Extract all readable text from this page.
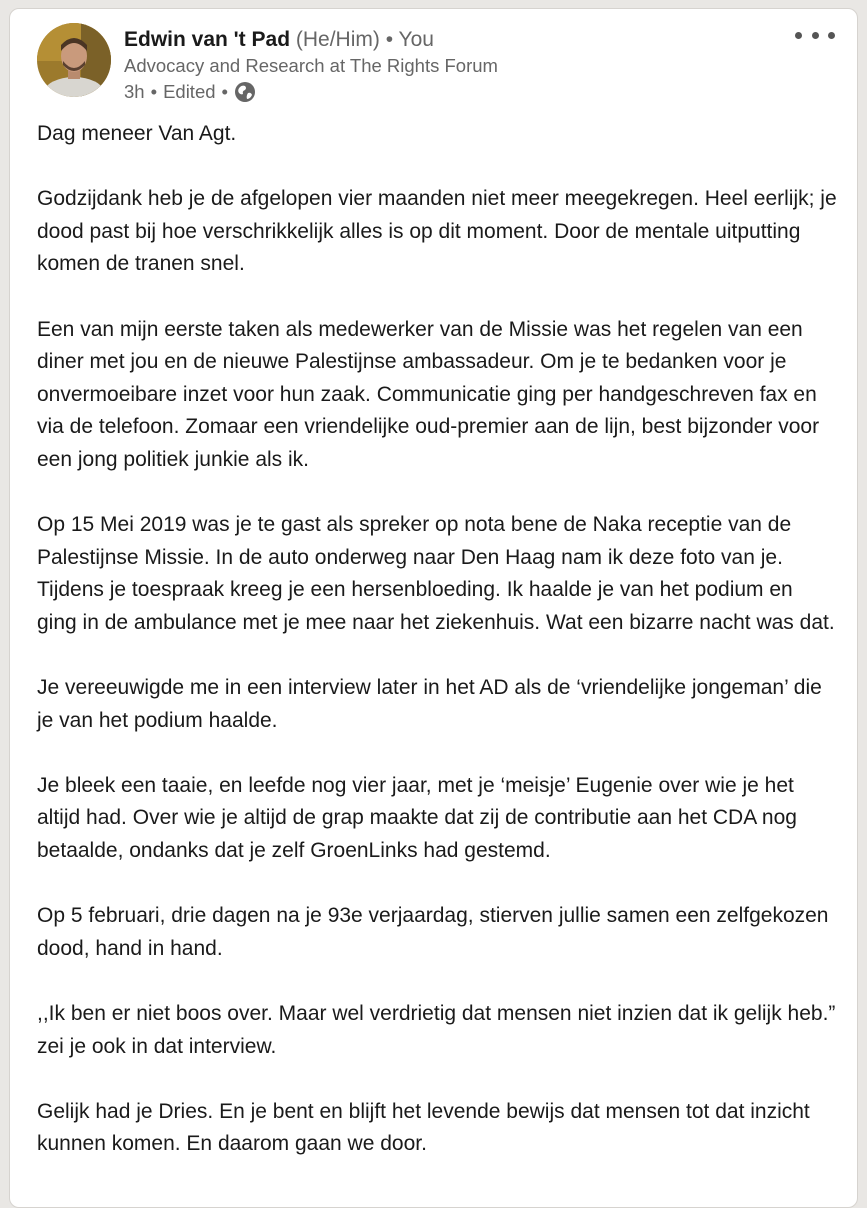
Edwin van 't Pad (He/Him) • You
Advocacy and Research at The Rights Forum
3h • Edited •

Dag meneer Van Agt.

Godzijdank heb je de afgelopen vier maanden niet meer meegekregen. Heel eerlijk; je dood past bij hoe verschrikkelijk alles is op dit moment. Door de mentale uitputting komen de tranen snel.

Een van mijn eerste taken als medewerker van de Missie was het regelen van een diner met jou en de nieuwe Palestijnse ambassadeur. Om je te bedanken voor je onvermoeibare inzet voor hun zaak. Communicatie ging per handgeschreven fax en via de telefoon. Zomaar een vriendelijke oud-premier aan de lijn, best bijzonder voor een jong politiek junkie als ik.

Op 15 Mei 2019 was je te gast als spreker op nota bene de Naka receptie van de Palestijnse Missie. In de auto onderweg naar Den Haag nam ik deze foto van je. Tijdens je toespraak kreeg je een hersenbloeding. Ik haalde je van het podium en ging in de ambulance met je mee naar het ziekenhuis. Wat een bizarre nacht was dat.

Je vereeuwigde me in een interview later in het AD als de ‘vriendelijke jongeman’ die je van het podium haalde.

Je bleek een taaie, en leefde nog vier jaar, met je ‘meisje’ Eugenie over wie je het altijd had. Over wie je altijd de grap maakte dat zij de contributie aan het CDA nog betaalde, ondanks dat je zelf GroenLinks had gestemd.

Op 5 februari, drie dagen na je 93e verjaardag, stierven jullie samen een zelfgekozen dood, hand in hand.

,,Ik ben er niet boos over. Maar wel verdrietig dat mensen niet inzien dat ik gelijk heb.” zei je ook in dat interview.

Gelijk had je Dries. En je bent en blijft het levende bewijs dat mensen tot dat inzicht kunnen komen. En daarom gaan we door.
